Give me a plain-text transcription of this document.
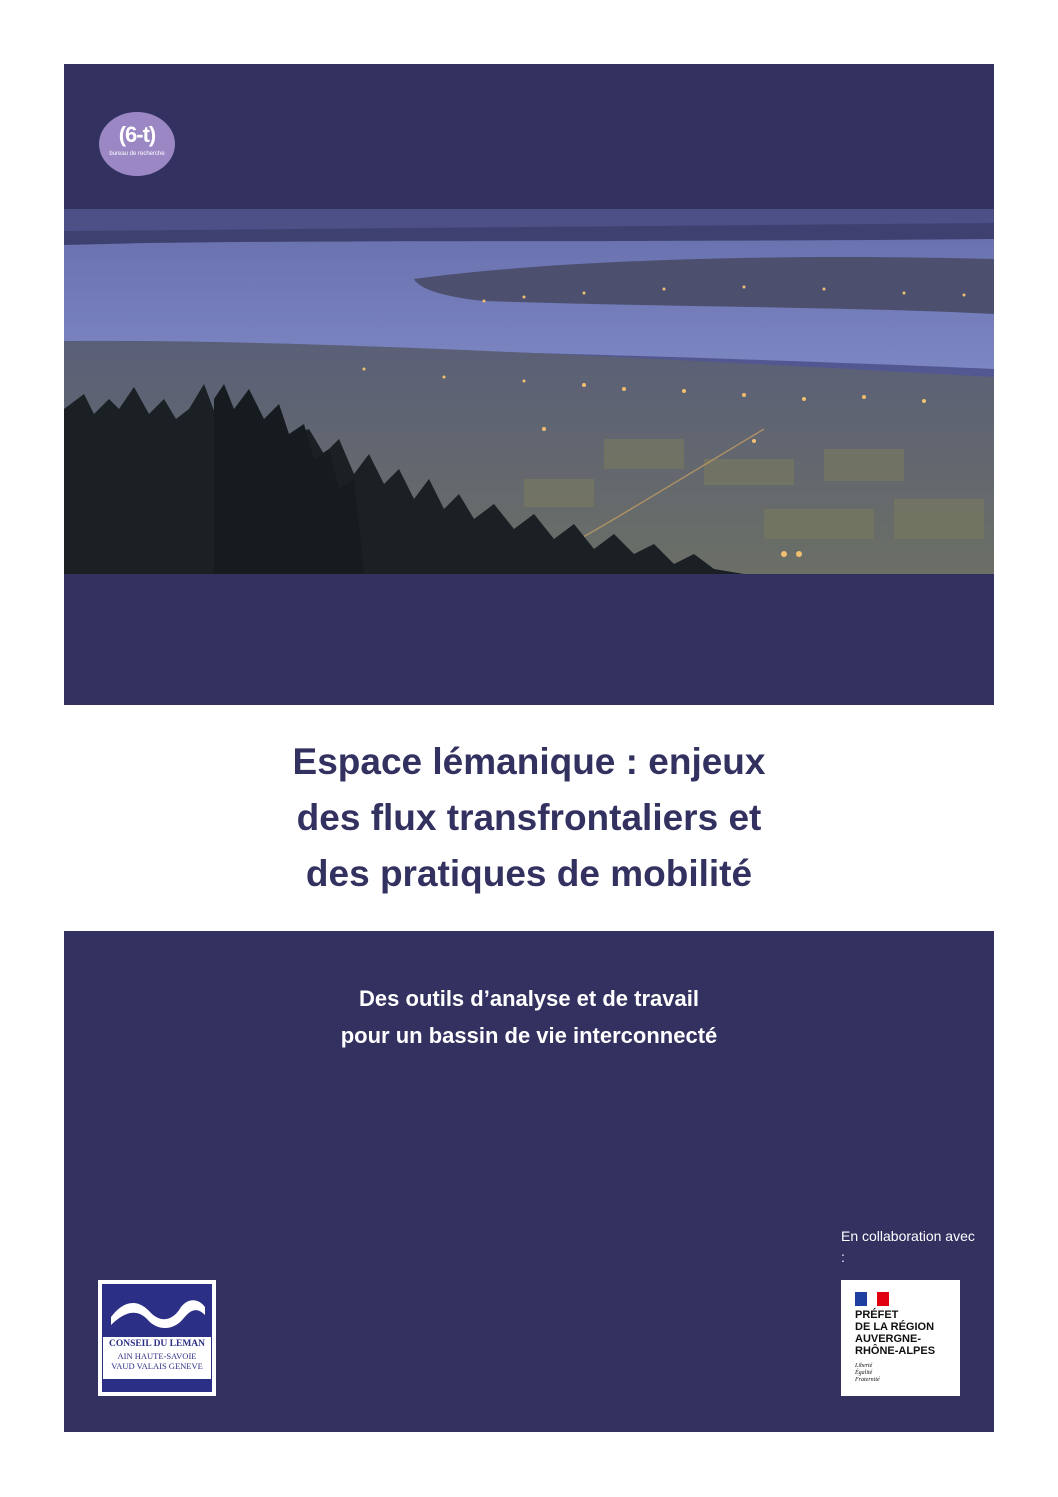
(6-t)
bureau de recherche
Espace lémanique : enjeux
des flux transfrontaliers et
des pratiques de mobilité
Des outils d’analyse et de travail
pour un bassin de vie interconnecté
En collaboration avec :
CONSEIL DU LEMAN
AIN HAUTE-SAVOIE
VAUD VALAIS GENEVE
PRÉFET
DE LA RÉGION
AUVERGNE-
RHÔNE-ALPES
Liberté
Égalité
Fraternité
